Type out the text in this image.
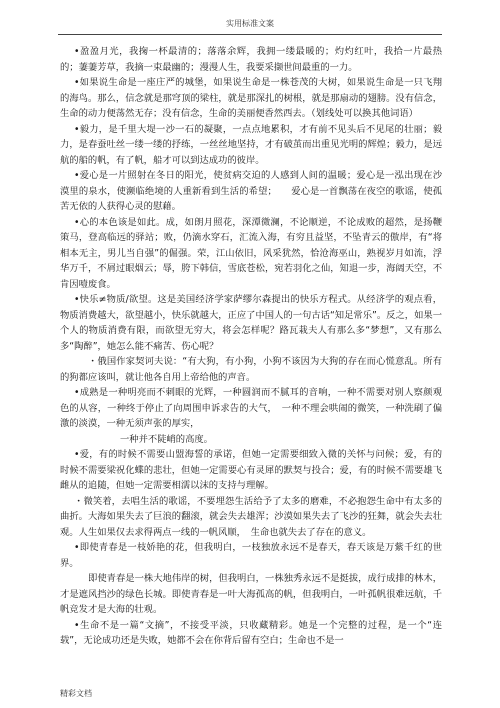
实用标准文案

•盈盈月光，我掬一杯最清的；落落余辉，我拥一缕最暖的；灼灼红叶，我拾一片最热的；萋萋芳草，我摘一束最幽的；漫漫人生，我要采撷世间最重的一力。

•如果说生命是一座庄严的城堡，如果说生命是一株苍茂的大树，如果说生命是一只飞翔的海鸟。那么，信念就是那穹顶的梁柱，就是那深扎的树根，就是那扇动的翅膀。没有信念，生命的动力便荡然无存；没有信念，生命的美丽便香然西去。（划线处可以换其他词语）

•毅力，是千里大堤一沙一石的凝聚，一点点地累积，才有前不见头后不见尾的壮丽；毅力，是春蚕吐丝一缕一缕的抒练，一丝丝地坚持，才有破茧而出重见光明的辉煌；毅力，是远航的船的帆，有了帆，船才可以到达成功的彼岸。

•爱心是一片照射在冬日的阳光，使贫病交迫的人感到人间的温暖；爱心是一泓出现在沙漠里的泉水，使濒临绝境的人重新看到生活的希望；　　爱心是一首飘荡在夜空的歌谣，使孤苦无依的人获得心灵的慰藉。

•心的本色该是如此。成，如朗月照花，深潭微澜，不论顺逆，不论成败的超然，是扬鞭策马，登高临远的驿站；败，仍滴水穿石，汇流入海，有穷且益坚，不坠青云的傲岸，有“将相本无主，男儿当自强”的倔强。荣，江山依旧，风采犹然，恰沧海巫山，熟视岁月如流，浮华万千，不屑过眼烟云；辱，胯下韩信，雪底苍松，宛若羽化之仙，知退一步，海阔天空，不肯因噎废食。

•快乐≠物质/欲望。这是美国经济学家萨缪尔森提出的快乐方程式。从经济学的观点看，物质消费越大，欲望越小，快乐就越大，正应了中国人的一句古话“知足常乐”。反之，如果一个人的物质消费有限，而欲望无穷大，将会怎样呢？路瓦栽夫人有那么多“梦想”，又有那么多“陶醉”，她怎么能不痛苦、伤心呢？

・俄国作家契诃夫说：“有大狗，有小狗，小狗不该因为大狗的存在而心慌意乱。所有的狗都应该叫，就让他各自用上帝给他的声音。

•成熟是一种明亮而不刺眼的光辉，一种圆润而不腻耳的音响，一种不需要对别人察颜观色的从容，一种终于停止了向周围申诉求告的大气，　一种不理会哄闹的微笑，一种洗刷了偏激的淡漠，一种无须声张的厚实，

一种并不陡峭的高度。

•爱，有的时候不需要山盟海誓的承诺，但她一定需要细致入微的关怀与问候；爱，有的时候不需要梁祝化蝶的悲壮，但她一定需要心有灵犀的默契与投合；爱，有的时候不需要雄飞雌从的追随，但她一定需要相濡以沫的支持与理解。

・微笑着，去唱生活的歌谣，不要埋怨生活给予了太多的磨难，不必抱怨生命中有太多的曲折。大海如果失去了巨浪的翻滚，就会失去雄浑；沙漠如果失去了飞沙的狂舞，就会失去壮观。人生如果仅去求得两点一线的一帆风顺，　生命也就失去了存在的意义。

•即使青春是一枝娇艳的花，但我明白，一枝独放永远不是春天，春天该是万紫千红的世界。

即使青春是一株大地伟岸的树，但我明白，一株独秀永远不是挺拔，成行成排的林木，才是遮风挡沙的绿色长城。即使青春是一叶大海孤高的帆，但我明白，一叶孤帆很难远航，千帆竞发才是大海的壮观。

•生命不是一篇“文摘”，不接受平淡，只收藏精彩。她是一个完整的过程，是一个“连载”，无论成功还是失败，她都不会在你背后留有空白；生命也不是一

精彩文档
